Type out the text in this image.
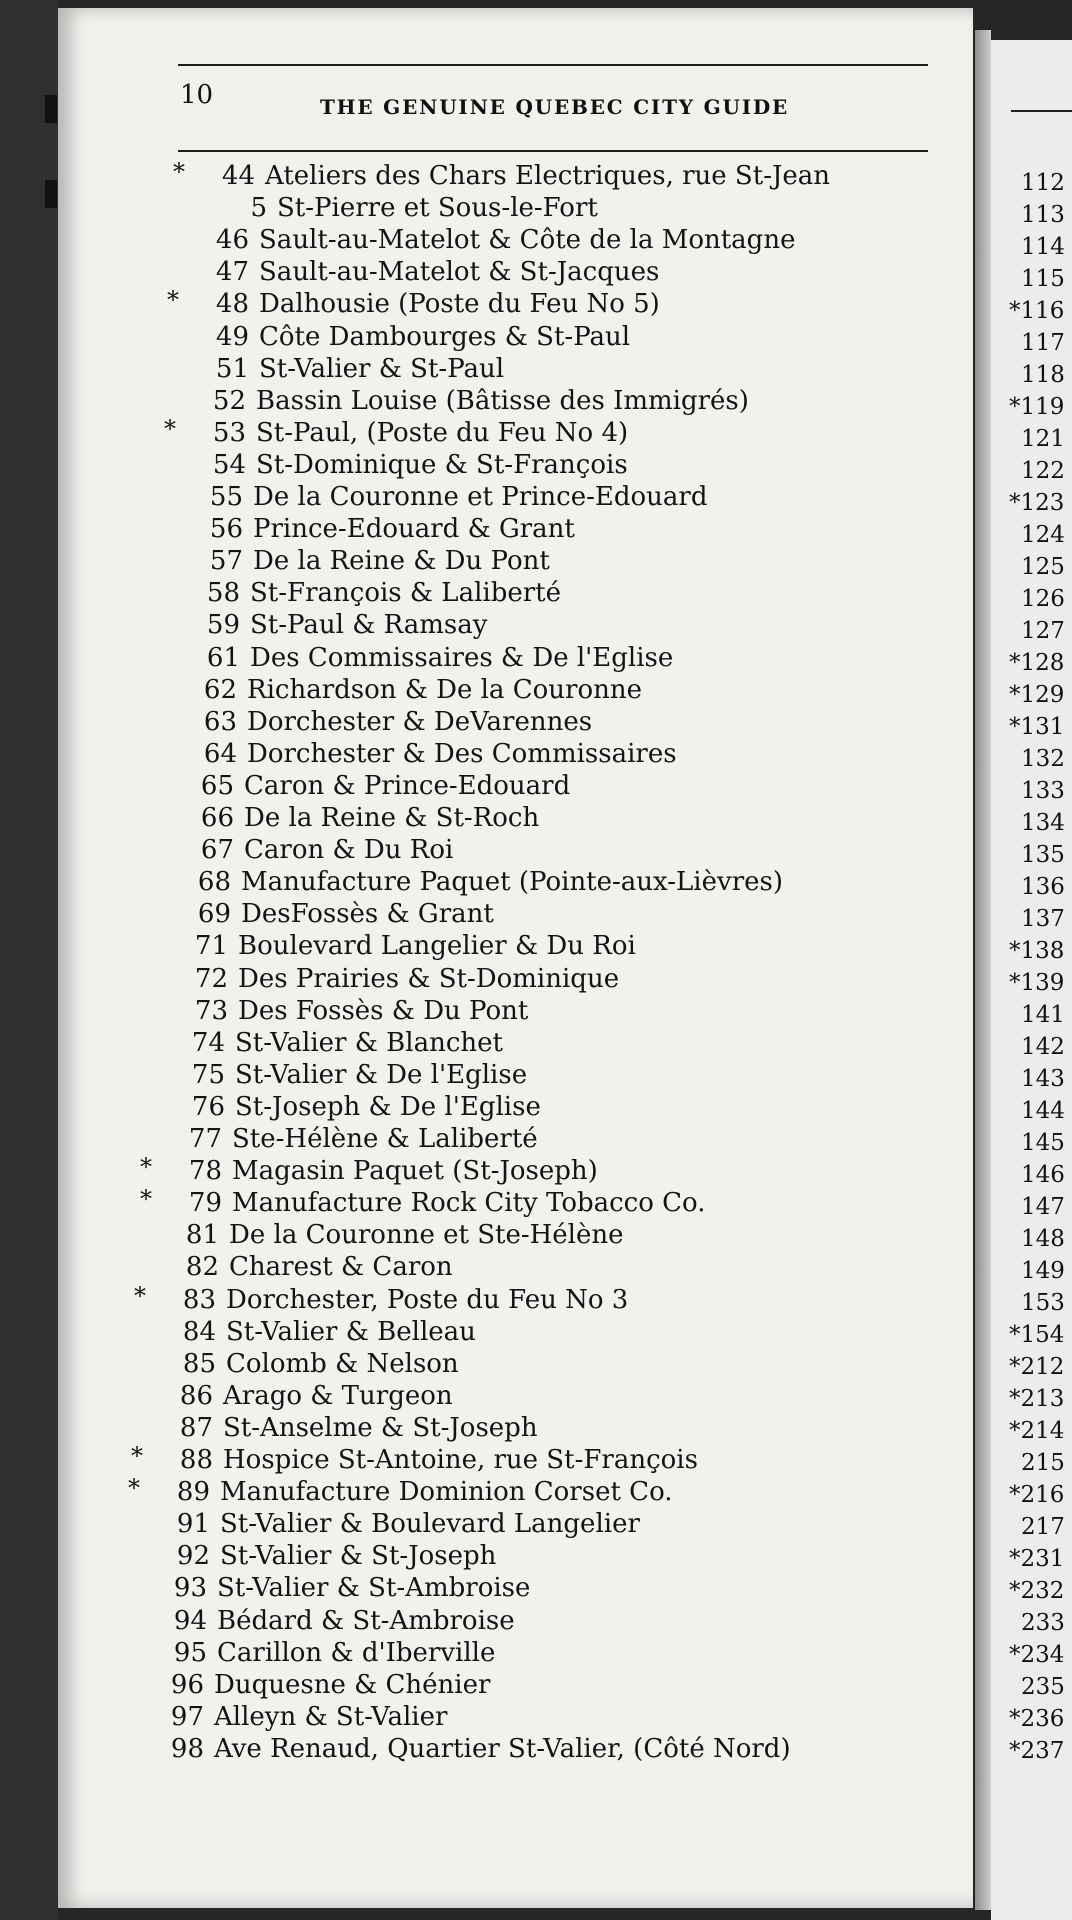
112
113
114
115
*116
117
118
*119
121
122
*123
124
125
126
127
*128
*129
*131
132
133
134
135
136
137
*138
*139
141
142
143
144
145
146
147
148
149
153
*154
*212
*213
*214
215
*216
217
*231
*232
233
*234
235
*236
*237
10	THE GENUINE QUEBEC CITY GUIDE
* 44 Ateliers des Chars Electriques, rue St-Jean
5 St-Pierre et Sous-le-Fort
46 Sault-au-Matelot & Côte de la Montagne
47 Sault-au-Matelot & St-Jacques
* 48 Dalhousie (Poste du Feu No 5)
49 Côte Dambourges & St-Paul
51 St-Valier & St-Paul
52 Bassin Louise (Bâtisse des Immigrés)
* 53 St-Paul, (Poste du Feu No 4)
54 St-Dominique & St-François
55 De la Couronne et Prince-Edouard
56 Prince-Edouard & Grant
57 De la Reine & Du Pont
58 St-François & Laliberté
59 St-Paul & Ramsay
61 Des Commissaires & De l'Eglise
62 Richardson & De la Couronne
63 Dorchester & DeVarennes
64 Dorchester & Des Commissaires
65 Caron & Prince-Edouard
66 De la Reine & St-Roch
67 Caron & Du Roi
68 Manufacture Paquet (Pointe-aux-Lièvres)
69 DesFossès & Grant
71 Boulevard Langelier & Du Roi
72 Des Prairies & St-Dominique
73 Des Fossès & Du Pont
74 St-Valier & Blanchet
75 St-Valier & De l'Eglise
76 St-Joseph & De l'Eglise
77 Ste-Hélène & Laliberté
* 78 Magasin Paquet (St-Joseph)
* 79 Manufacture Rock City Tobacco Co.
81 De la Couronne et Ste-Hélène
82 Charest & Caron
* 83 Dorchester, Poste du Feu No 3
84 St-Valier & Belleau
85 Colomb & Nelson
86 Arago & Turgeon
87 St-Anselme & St-Joseph
* 88 Hospice St-Antoine, rue St-François
* 89 Manufacture Dominion Corset Co.
91 St-Valier & Boulevard Langelier
92 St-Valier & St-Joseph
93 St-Valier & St-Ambroise
94 Bédard & St-Ambroise
95 Carillon & d'Iberville
96 Duquesne & Chénier
97 Alleyn & St-Valier
98 Ave Renaud, Quartier St-Valier, (Côté Nord)
